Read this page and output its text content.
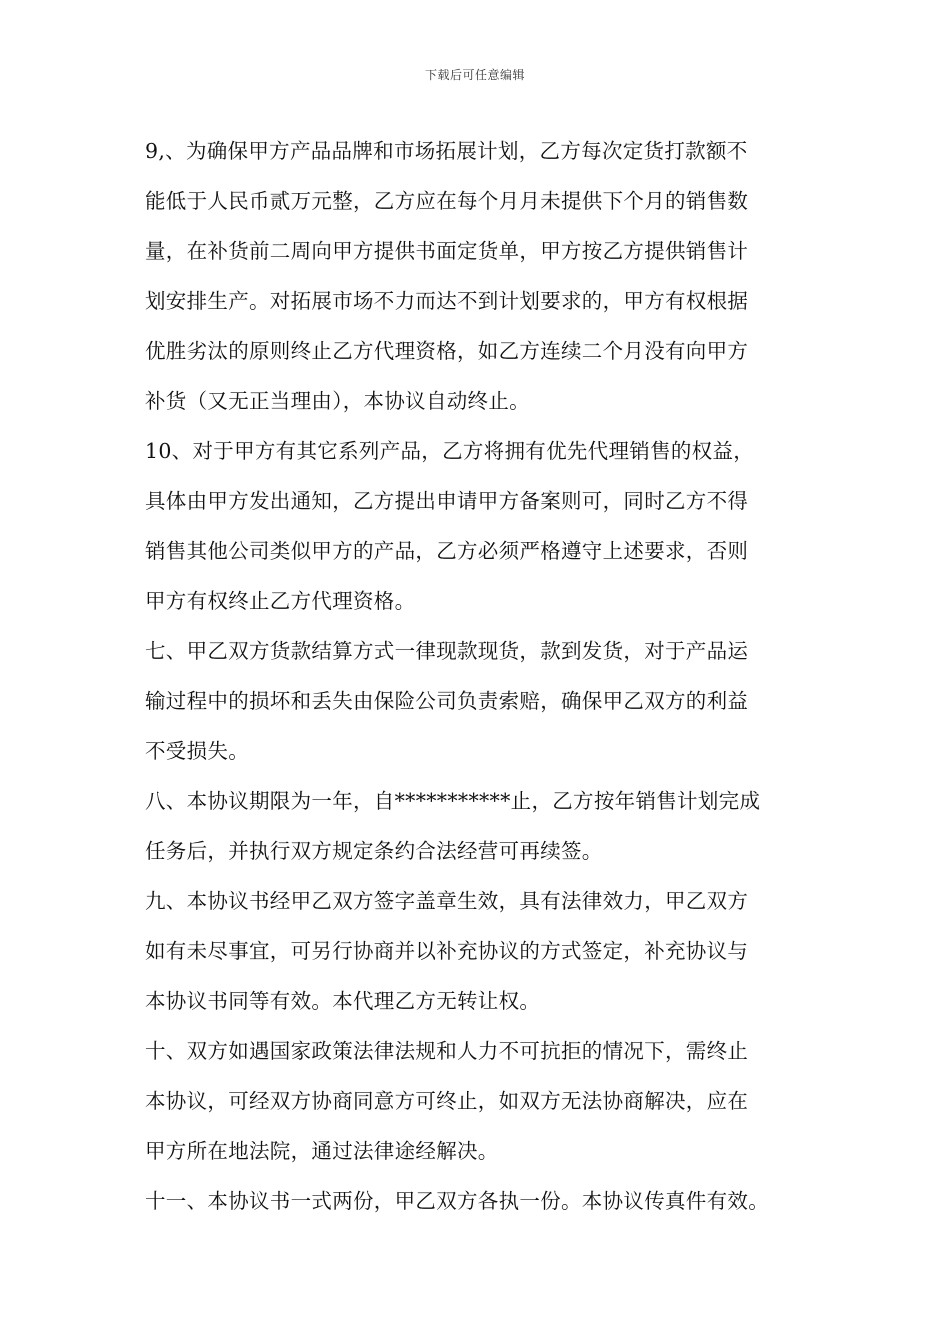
下载后可任意编辑
9,、为确保甲方产品品牌和市场拓展计划，乙方每次定货打款额不
能低于人民币贰万元整，乙方应在每个月月未提供下个月的销售数
量，在补货前二周向甲方提供书面定货单，甲方按乙方提供销售计
划安排生产。对拓展市场不力而达不到计划要求的，甲方有权根据
优胜劣汰的原则终止乙方代理资格，如乙方连续二个月没有向甲方
补货（又无正当理由），本协议自动终止。
10、对于甲方有其它系列产品，乙方将拥有优先代理销售的权益，
具体由甲方发出通知，乙方提出申请甲方备案则可，同时乙方不得
销售其他公司类似甲方的产品，乙方必须严格遵守上述要求，否则
甲方有权终止乙方代理资格。
七、甲乙双方货款结算方式一律现款现货，款到发货，对于产品运
输过程中的损坏和丢失由保险公司负责索赔，确保甲乙双方的利益
不受损失。
八、本协议期限为一年，自***********止，乙方按年销售计划完成
任务后，并执行双方规定条约合法经营可再续签。
九、本协议书经甲乙双方签字盖章生效，具有法律效力，甲乙双方
如有未尽事宜，可另行协商并以补充协议的方式签定，补充协议与
本协议书同等有效。本代理乙方无转让权。
十、双方如遇国家政策法律法规和人力不可抗拒的情况下，需终止
本协议，可经双方协商同意方可终止，如双方无法协商解决，应在
甲方所在地法院，通过法律途经解决。
十一、本协议书一式两份，甲乙双方各执一份。本协议传真件有效。
